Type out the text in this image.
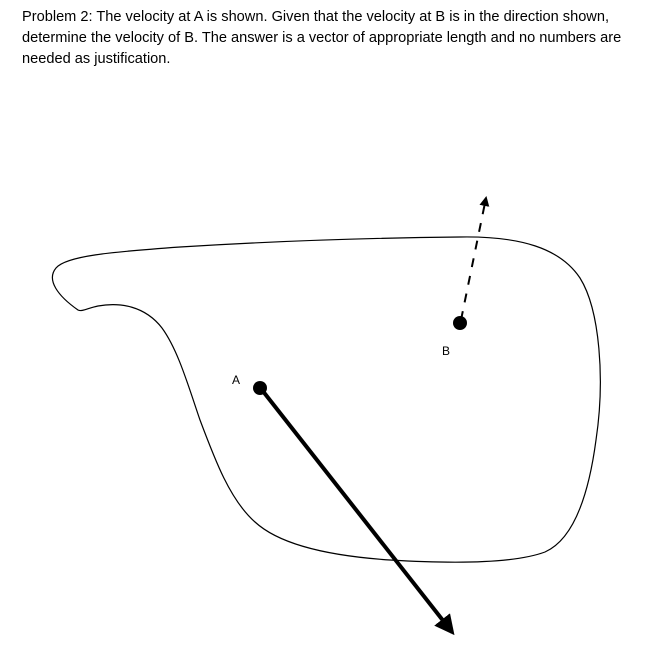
Problem 2: The velocity at A is shown. Given that the velocity at B is in the direction shown, determine the velocity of B. The answer is a vector of appropriate length and no numbers are needed as justification.

A
B
